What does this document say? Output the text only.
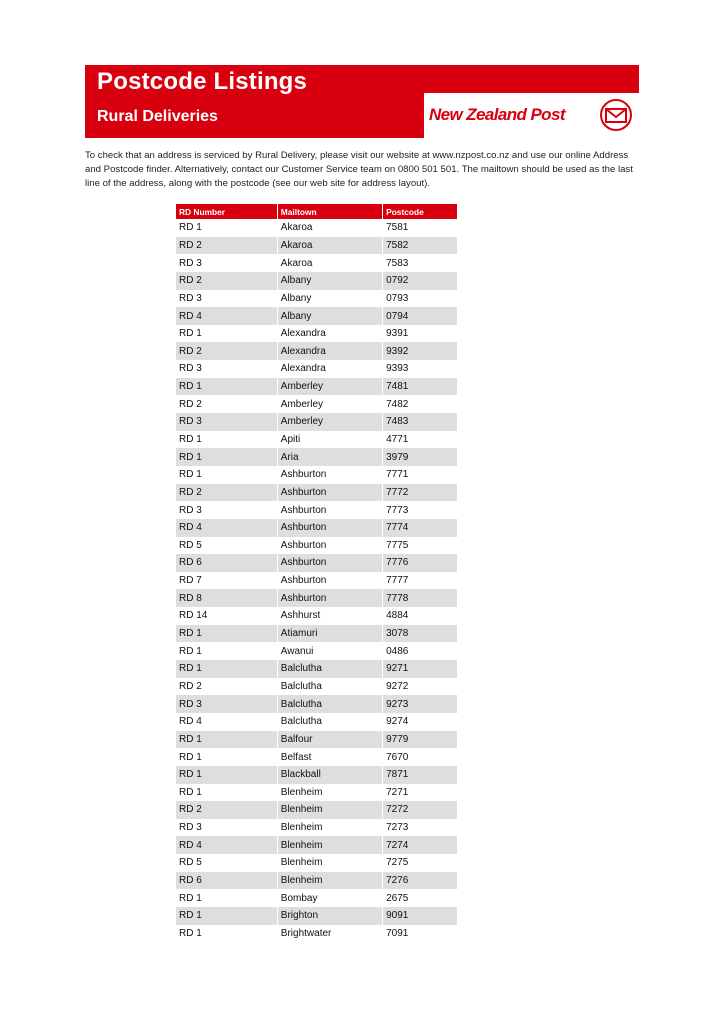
Postcode Listings
Rural Deliveries	New Zealand Post

To check that an address is serviced by Rural Delivery, please visit our website at www.nzpost.co.nz and use our online Address and Postcode finder. Alternatively, contact our Customer Service team on 0800 501 501. The mailtown should be used as the last line of the address, along with the postcode (see our web site for address layout).

RD Number	Mailtown	Postcode
RD 1	Akaroa	7581
RD 2	Akaroa	7582
RD 3	Akaroa	7583
RD 2	Albany	0792
RD 3	Albany	0793
RD 4	Albany	0794
RD 1	Alexandra	9391
RD 2	Alexandra	9392
RD 3	Alexandra	9393
RD 1	Amberley	7481
RD 2	Amberley	7482
RD 3	Amberley	7483
RD 1	Apiti	4771
RD 1	Aria	3979
RD 1	Ashburton	7771
RD 2	Ashburton	7772
RD 3	Ashburton	7773
RD 4	Ashburton	7774
RD 5	Ashburton	7775
RD 6	Ashburton	7776
RD 7	Ashburton	7777
RD 8	Ashburton	7778
RD 14	Ashhurst	4884
RD 1	Atiamuri	3078
RD 1	Awanui	0486
RD 1	Balclutha	9271
RD 2	Balclutha	9272
RD 3	Balclutha	9273
RD 4	Balclutha	9274
RD 1	Balfour	9779
RD 1	Belfast	7670
RD 1	Blackball	7871
RD 1	Blenheim	7271
RD 2	Blenheim	7272
RD 3	Blenheim	7273
RD 4	Blenheim	7274
RD 5	Blenheim	7275
RD 6	Blenheim	7276
RD 1	Bombay	2675
RD 1	Brighton	9091
RD 1	Brightwater	7091
